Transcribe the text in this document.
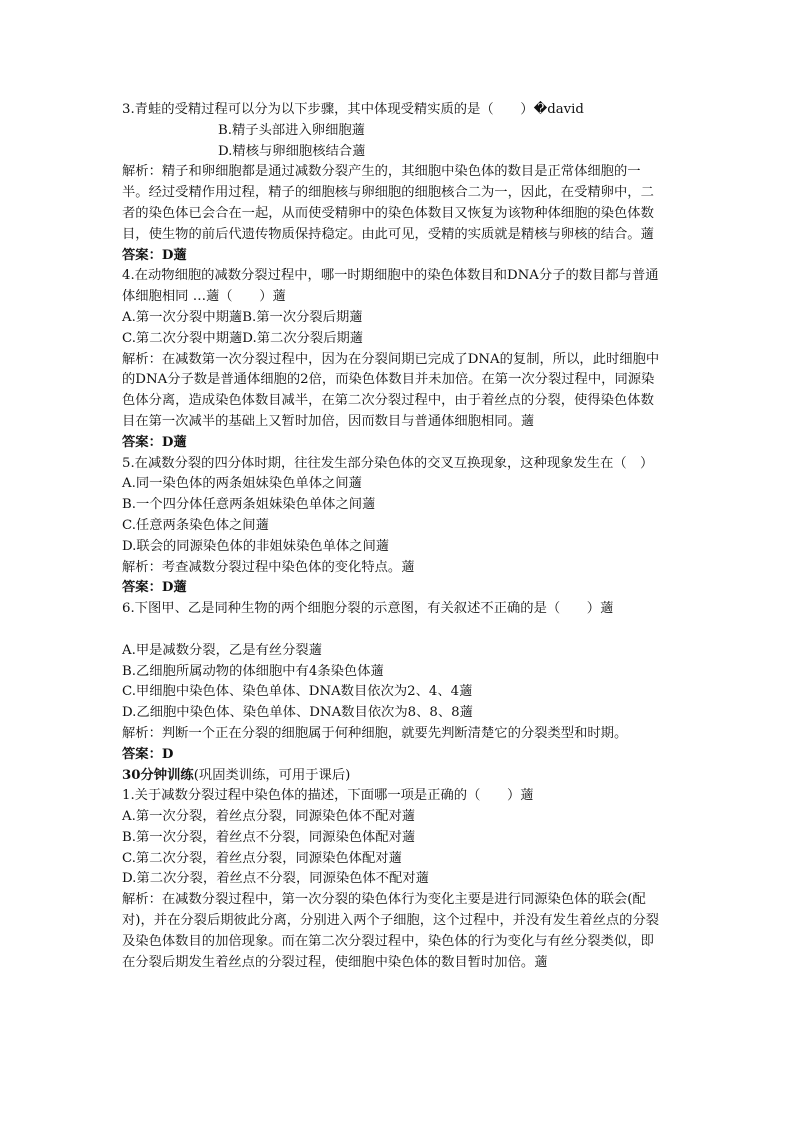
3.青蛙的受精过程可以分为以下步骤，其中体现受精实质的是（　　）�david

B.精子头部进入卵细胞藡

D.精核与卵细胞核结合藡

解析：精子和卵细胞都是通过减数分裂产生的，其细胞中染色体的数目是正常体细胞的一半。经过受精作用过程，精子的细胞核与卵细胞的细胞核合二为一，因此，在受精卵中，二者的染色体已会合在一起，从而使受精卵中的染色体数目又恢复为该物种体细胞的染色体数目，使生物的前后代遗传物质保持稳定。由此可见，受精的实质就是精核与卵核的结合。藡

答案：D藡

4.在动物细胞的减数分裂过程中，哪一时期细胞中的染色体数目和DNA分子的数目都与普通体细胞相同 …藡（　　）藡

A.第一次分裂中期藡B.第一次分裂后期藡

C.第二次分裂中期藡D.第二次分裂后期藡

解析：在减数第一次分裂过程中，因为在分裂间期已完成了DNA的复制，所以，此时细胞中的DNA分子数是普通体细胞的2倍，而染色体数目并未加倍。在第一次分裂过程中，同源染色体分离，造成染色体数目减半，在第二次分裂过程中，由于着丝点的分裂，使得染色体数目在第一次减半的基础上又暂时加倍，因而数目与普通体细胞相同。藡

答案：D藡

5.在减数分裂的四分体时期，往往发生部分染色体的交叉互换现象，这种现象发生在（　）

A.同一染色体的两条姐妹染色单体之间藡

B.一个四分体任意两条姐妹染色单体之间藡

C.任意两条染色体之间藡

D.联会的同源染色体的非姐妹染色单体之间藡

解析：考查减数分裂过程中染色体的变化特点。藡

答案：D藡

6.下图甲、乙是同种生物的两个细胞分裂的示意图，有关叙述不正确的是（　　）藡

A.甲是减数分裂，乙是有丝分裂藡

B.乙细胞所属动物的体细胞中有4条染色体藡

C.甲细胞中染色体、染色单体、DNA数目依次为2、4、4藡

D.乙细胞中染色体、染色单体、DNA数目依次为8、8、8藡

解析：判断一个正在分裂的细胞属于何种细胞，就要先判断清楚它的分裂类型和时期。

答案：D

30分钟训练(巩固类训练，可用于课后)

1.关于减数分裂过程中染色体的描述，下面哪一项是正确的（　　）藡

A.第一次分裂，着丝点分裂，同源染色体不配对藡

B.第一次分裂，着丝点不分裂，同源染色体配对藡

C.第二次分裂，着丝点分裂，同源染色体配对藡

D.第二次分裂，着丝点不分裂，同源染色体不配对藡

解析：在减数分裂过程中，第一次分裂的染色体行为变化主要是进行同源染色体的联会(配对)，并在分裂后期彼此分离，分别进入两个子细胞，这个过程中，并没有发生着丝点的分裂及染色体数目的加倍现象。而在第二次分裂过程中，染色体的行为变化与有丝分裂类似，即在分裂后期发生着丝点的分裂过程，使细胞中染色体的数目暂时加倍。藡
